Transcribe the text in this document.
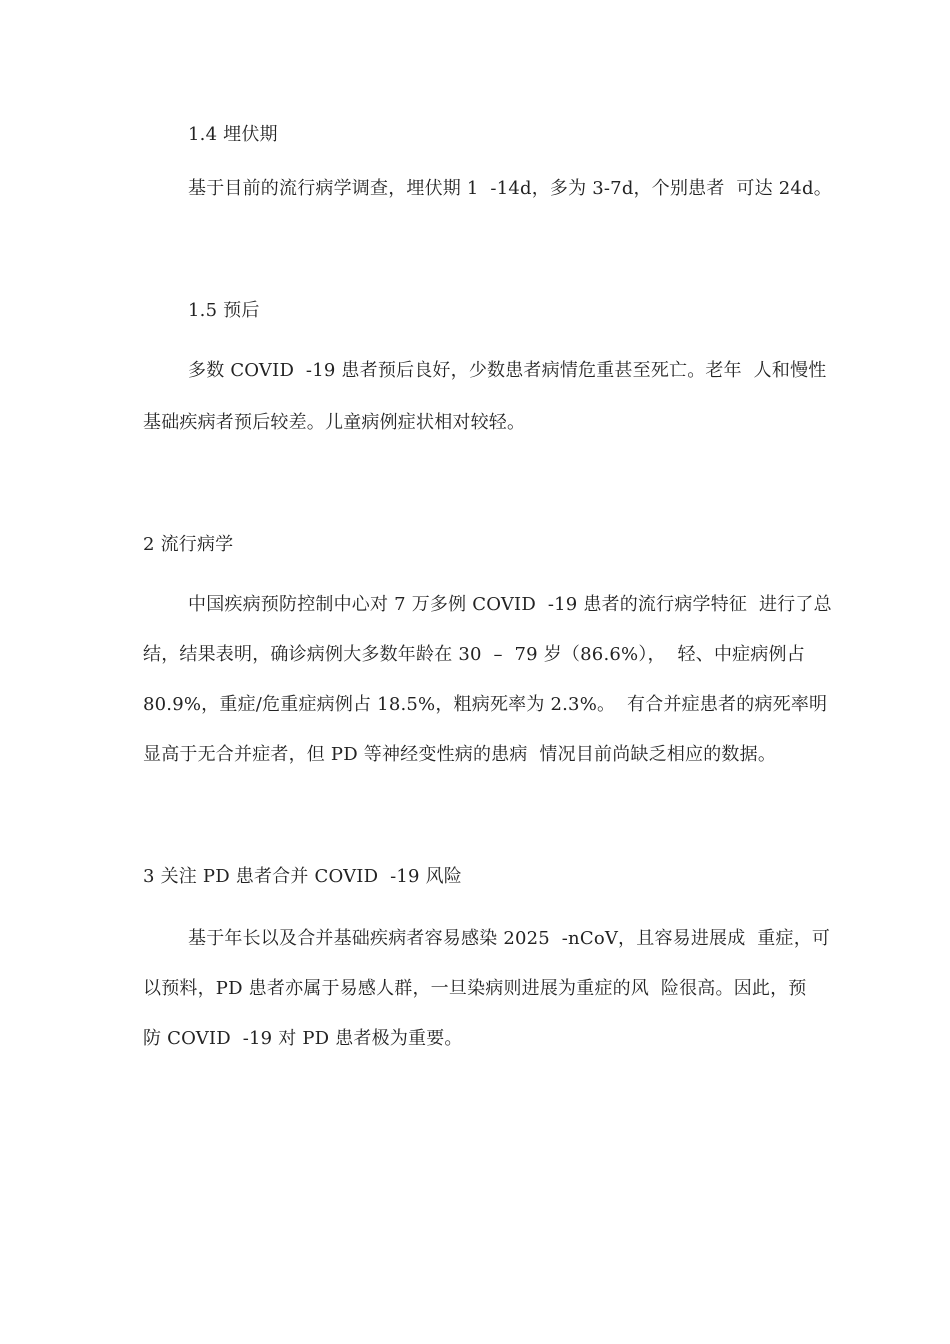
1.4 埋伏期
基于目前的流行病学调查，埋伏期 1  -14d，多为 3-7d，个别患者  可达 24d。
1.5 预后
多数 COVID  -19 患者预后良好，少数患者病情危重甚至死亡。老年  人和慢性
基础疾病者预后较差。儿童病例症状相对较轻。
2 流行病学
中国疾病预防控制中心对 7 万多例 COVID  -19 患者的流行病学特征  进行了总
结，结果表明，确诊病例大多数年龄在 30  –  79 岁（86.6%），  轻、中症病例占
80.9%，重症/危重症病例占 18.5%，粗病死率为 2.3%。  有合并症患者的病死率明
显高于无合并症者，但 PD 等神经变性病的患病  情况目前尚缺乏相应的数据。
3 关注 PD 患者合并 COVID  -19 风险
基于年长以及合并基础疾病者容易感染 2025  -nCoV，且容易进展成  重症，可
以预料，PD 患者亦属于易感人群，一旦染病则进展为重症的风  险很高。因此，预
防 COVID  -19 对 PD 患者极为重要。
